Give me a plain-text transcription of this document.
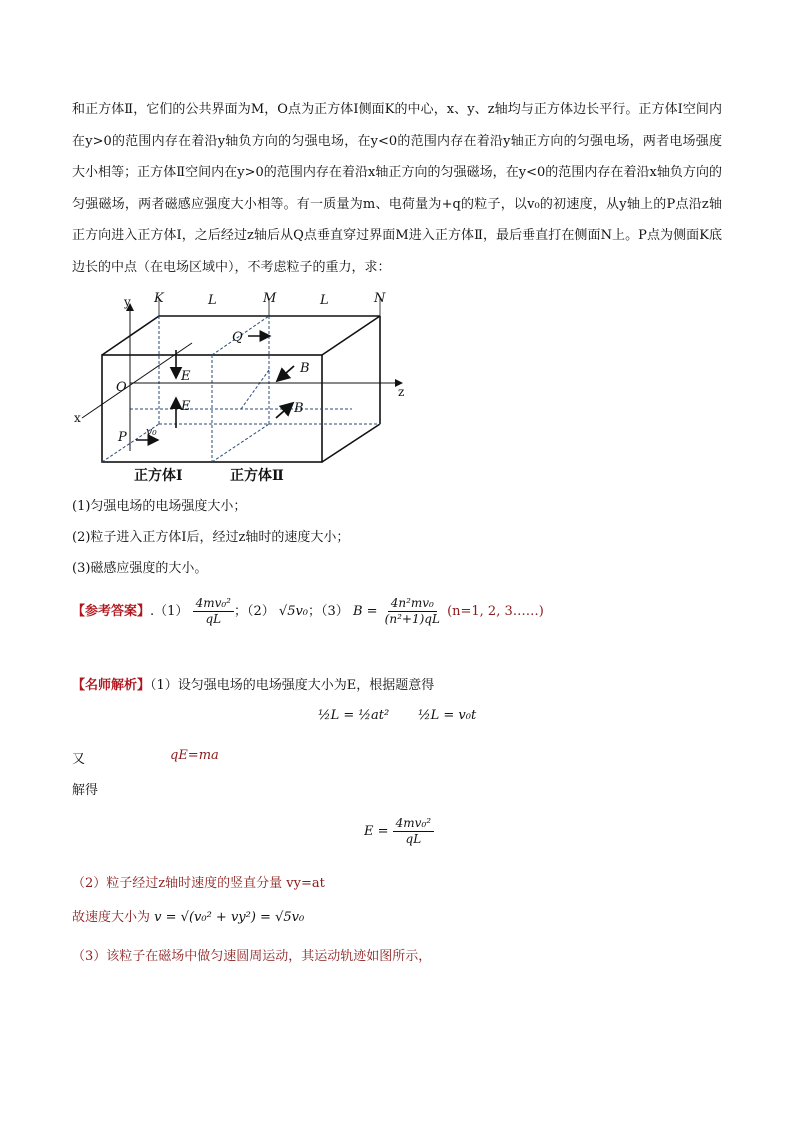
和正方体Ⅱ，它们的公共界面为M，O点为正方体Ⅰ侧面K的中心，x、y、z轴均与正方体边长平行。正方体Ⅰ空间内在y>0的范围内存在着沿y轴负方向的匀强电场，在y<0的范围内存在着沿y轴正方向的匀强电场，两者电场强度大小相等；正方体Ⅱ空间内在y>0的范围内存在着沿x轴正方向的匀强磁场，在y<0的范围内存在着沿x轴负方向的匀强磁场，两者磁感应强度大小相等。有一质量为m、电荷量为+q的粒子，以v₀的初速度，从y轴上的P点沿z轴正方向进入正方体Ⅰ，之后经过z轴后从Q点垂直穿过界面M进入正方体Ⅱ，最后垂直打在侧面N上。P点为侧面K底边长的中点（在电场区域中），不考虑粒子的重力，求：
y
x
z
K	M	N
L	L
O
Q
P v₀
E
E
B
B
正方体Ⅰ	正方体Ⅱ
(1)匀强电场的电场强度大小；
(2)粒子进入正方体Ⅰ后，经过z轴时的速度大小；
(3)磁感应强度的大小。
【参考答案】$.(1) \frac{\text{4mv₀²}}{qL}$ ；（2） √5v₀；（3） $B = \frac{\text{4n²mv₀}}{\text{(n²+1)qL}} (n=1$, 2, 3……)
【名师解析】（1）设匀强电场的电场强度大小为E，根据题意得
½L = ½at² ½L = v₀t
又	qE=ma
解得
$E = \frac{\text{4mv₀²}}{qL}$
（2）粒子经过z轴时速度的竖直分量 vy=at
故速度大小为 v = √(v₀² + vy²) = √5v₀
（3）该粒子在磁场中做匀速圆周运动，其运动轨迹如图所示，
